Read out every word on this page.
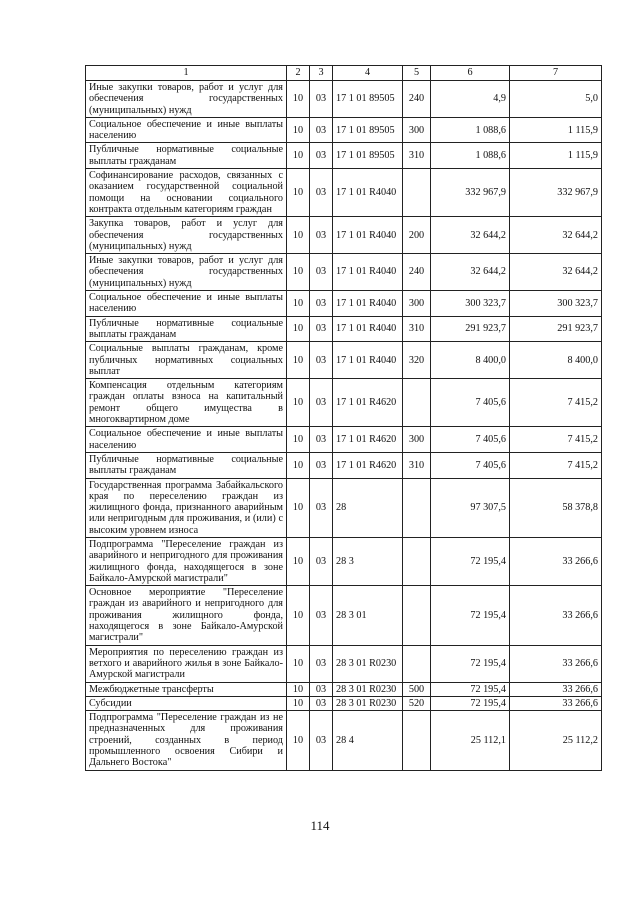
1	2	3	4	5	6	7
Иные закупки товаров, работ и услуг для обеспечения государственных (муниципальных) нужд	10	03	17 1 01 89505	240	4,9	5,0
Социальное обеспечение и иные выплаты населению	10	03	17 1 01 89505	300	1 088,6	1 115,9
Публичные нормативные социальные выплаты гражданам	10	03	17 1 01 89505	310	1 088,6	1 115,9
Софинансирование расходов, связанных с оказанием государственной социальной помощи на основании социального контракта отдельным категориям граждан	10	03	17 1 01 R4040		332 967,9	332 967,9
Закупка товаров, работ и услуг для обеспечения государственных (муниципальных) нужд	10	03	17 1 01 R4040	200	32 644,2	32 644,2
Иные закупки товаров, работ и услуг для обеспечения государственных (муниципальных) нужд	10	03	17 1 01 R4040	240	32 644,2	32 644,2
Социальное обеспечение и иные выплаты населению	10	03	17 1 01 R4040	300	300 323,7	300 323,7
Публичные нормативные социальные выплаты гражданам	10	03	17 1 01 R4040	310	291 923,7	291 923,7
Социальные выплаты гражданам, кроме публичных нормативных социальных выплат	10	03	17 1 01 R4040	320	8 400,0	8 400,0
Компенсация отдельным категориям граждан оплаты взноса на капитальный ремонт общего имущества в многоквартирном доме	10	03	17 1 01 R4620		7 405,6	7 415,2
Социальное обеспечение и иные выплаты населению	10	03	17 1 01 R4620	300	7 405,6	7 415,2
Публичные нормативные социальные выплаты гражданам	10	03	17 1 01 R4620	310	7 405,6	7 415,2
Государственная программа Забайкальского края по переселению граждан из жилищного фонда, признанного аварийным или непригодным для проживания, и (или) с высоким уровнем износа	10	03	28		97 307,5	58 378,8
Подпрограмма "Переселение граждан из аварийного и непригодного для проживания жилищного фонда, находящегося в зоне Байкало-Амурской магистрали"	10	03	28 3		72 195,4	33 266,6
Основное мероприятие "Переселение граждан из аварийного и непригодного для проживания жилищного фонда, находящегося в зоне Байкало-Амурской магистрали"	10	03	28 3 01		72 195,4	33 266,6
Мероприятия по переселению граждан из ветхого и аварийного жилья в зоне Байкало-Амурской магистрали	10	03	28 3 01 R0230		72 195,4	33 266,6
Межбюджетные трансферты	10	03	28 3 01 R0230	500	72 195,4	33 266,6
Субсидии	10	03	28 3 01 R0230	520	72 195,4	33 266,6
Подпрограмма "Переселение граждан из не предназначенных для проживания строений, созданных в период промышленного освоения Сибири и Дальнего Востока"	10	03	28 4		25 112,1	25 112,2
114
